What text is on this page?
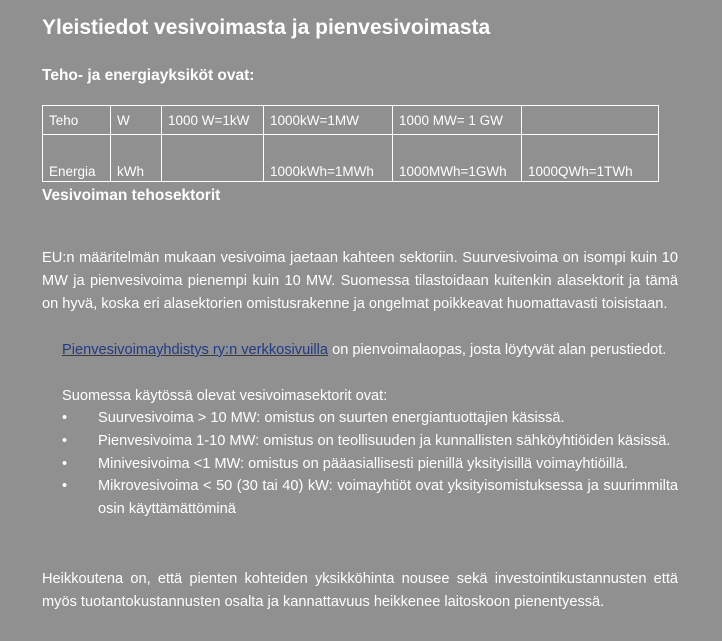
Yleistiedot vesivoimasta ja pienvesivoimasta
Teho- ja energiayksiköt ovat:
Teho	W	1000 W=1kW	1000kW=1MW	1000 MW= 1 GW	
Energia	kWh		1000kWh=1MWh	1000MWh=1GWh	1000QWh=1TWh
Vesivoiman tehosektorit

EU:n määritelmän mukaan vesivoima jaetaan kahteen sektoriin. Suurvesivoima on isompi kuin 10 MW ja pienvesivoima pienempi kuin 10 MW. Suomessa tilastoidaan kuitenkin alasektorit ja tämä on hyvä, koska eri alasektorien omistusrakenne ja ongelmat poikkeavat huomattavasti toisistaan.

Pienvesivoimayhdistys ry:n verkkosivuilla on pienvoimalaopas, josta löytyvät alan perustiedot.

Suomessa käytössä olevat vesivoimasektorit ovat:

• Suurvesivoima > 10 MW: omistus on suurten energiantuottajien käsissä.
• Pienvesivoima 1-10 MW: omistus on teollisuuden ja kunnallisten sähköyhtiöiden käsissä.
• Minivesivoima <1 MW: omistus on pääasiallisesti pienillä yksityisillä voimayhtiöillä.
• Mikrovesivoima < 50 (30 tai 40) kW: voimayhtiöt ovat yksityisomistuksessa ja suurimmilta osin käyttämättöminä

Heikkoutena on, että pienten kohteiden yksikköhinta nousee sekä investointikustannusten että myös tuotantokustannusten osalta ja kannattavuus heikkenee laitoskoon pienentyessä.
